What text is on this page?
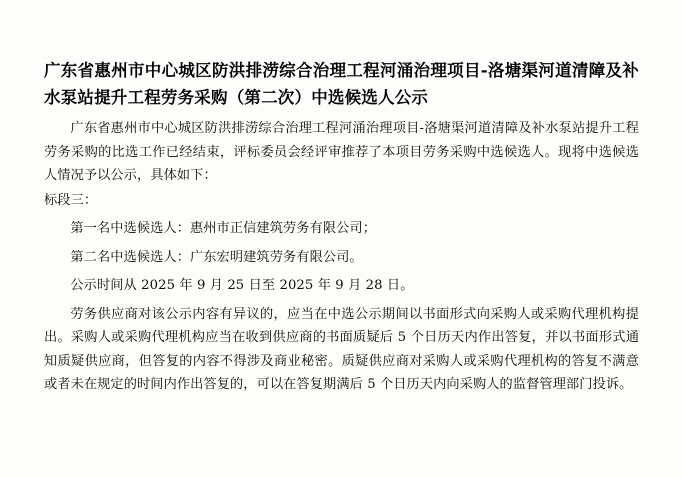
广东省惠州市中心城区防洪排涝综合治理工程河涌治理项目-洛塘渠河道清障及补水泵站提升工程劳务采购（第二次）中选候选人公示

广东省惠州市中心城区防洪排涝综合治理工程河涌治理项目-洛塘渠河道清障及补水泵站提升工程劳务采购的比选工作已经结束，评标委员会经评审推荐了本项目劳务采购中选候选人。现将中选候选人情况予以公示，具体如下：

标段三：

第一名中选候选人：惠州市正信建筑劳务有限公司；

第二名中选候选人：广东宏明建筑劳务有限公司。

公示时间从 2025 年 9 月 25 日至 2025 年 9 月 28 日。

劳务供应商对该公示内容有异议的，应当在中选公示期间以书面形式向采购人或采购代理机构提出。采购人或采购代理机构应当在收到供应商的书面质疑后 5 个日历天内作出答复，并以书面形式通知质疑供应商，但答复的内容不得涉及商业秘密。质疑供应商对采购人或采购代理机构的答复不满意或者未在规定的时间内作出答复的，可以在答复期满后 5 个日历天内向采购人的监督管理部门投诉。
